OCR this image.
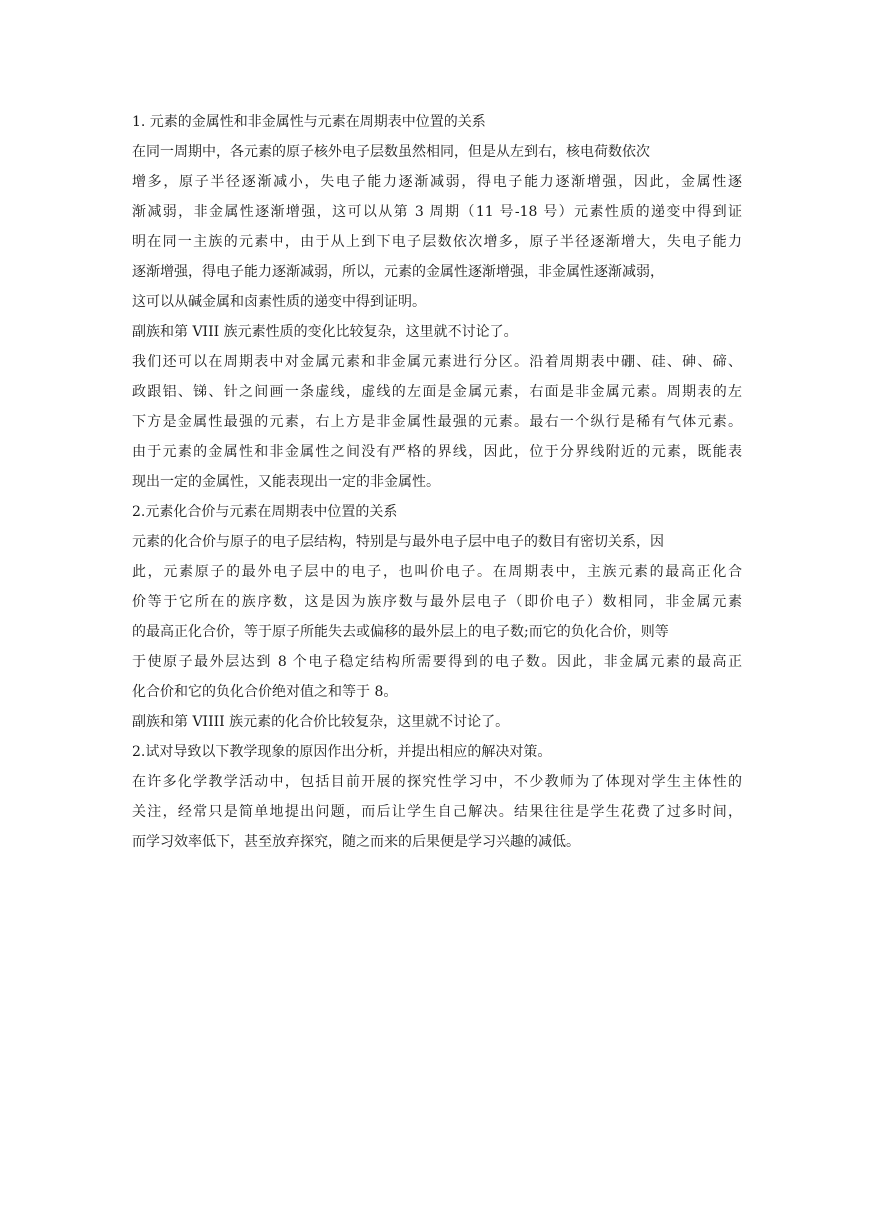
1. 元素的金属性和非金属性与元素在周期表中位置的关系

在同一周期中，各元素的原子核外电子层数虽然相同，但是从左到右，核电荷数依次

增多，原子半径逐渐减小，失电子能力逐渐减弱，得电子能力逐渐增强，因此，金属性逐

渐减弱，非金属性逐渐增强，这可以从第 3 周期（11 号-18 号）元素性质的递变中得到证

明在同一主族的元素中，由于从上到下电子层数依次增多，原子半径逐渐增大，失电子能力

逐渐增强，得电子能力逐渐减弱，所以，元素的金属性逐渐增强，非金属性逐渐减弱，

这可以从碱金属和卤素性质的递变中得到证明。

副族和第 VIII 族元素性质的变化比较复杂，这里就不讨论了。

我们还可以在周期表中对金属元素和非金属元素进行分区。沿着周期表中硼、硅、砷、碲、

政跟铝、锑、针之间画一条虚线，虚线的左面是金属元素，右面是非金属元素。周期表的左

下方是金属性最强的元素，右上方是非金属性最强的元素。最右一个纵行是稀有气体元素。

由于元素的金属性和非金属性之间没有严格的界线，因此，位于分界线附近的元素，既能表

现出一定的金属性，又能表现出一定的非金属性。

2.元素化合价与元素在周期表中位置的关系

元素的化合价与原子的电子层结构，特别是与最外电子层中电子的数目有密切关系，因

此，元素原子的最外电子层中的电子，也叫价电子。在周期表中，主族元素的最高正化合

价等于它所在的族序数，这是因为族序数与最外层电子（即价电子）数相同，非金属元素

的最高正化合价，等于原子所能失去或偏移的最外层上的电子数;而它的负化合价，则等

于使原子最外层达到 8 个电子稳定结构所需要得到的电子数。因此，非金属元素的最高正

化合价和它的负化合价绝对值之和等于 8。

副族和第 VIIII 族元素的化合价比较复杂，这里就不讨论了。

2.试对导致以下教学现象的原因作出分析，并提出相应的解决对策。

在许多化学教学活动中，包括目前开展的探究性学习中，不少教师为了体现对学生主体性的

关注，经常只是简单地提出问题，而后让学生自己解决。结果往往是学生花费了过多时间，

而学习效率低下，甚至放弃探究，随之而来的后果便是学习兴趣的减低。
